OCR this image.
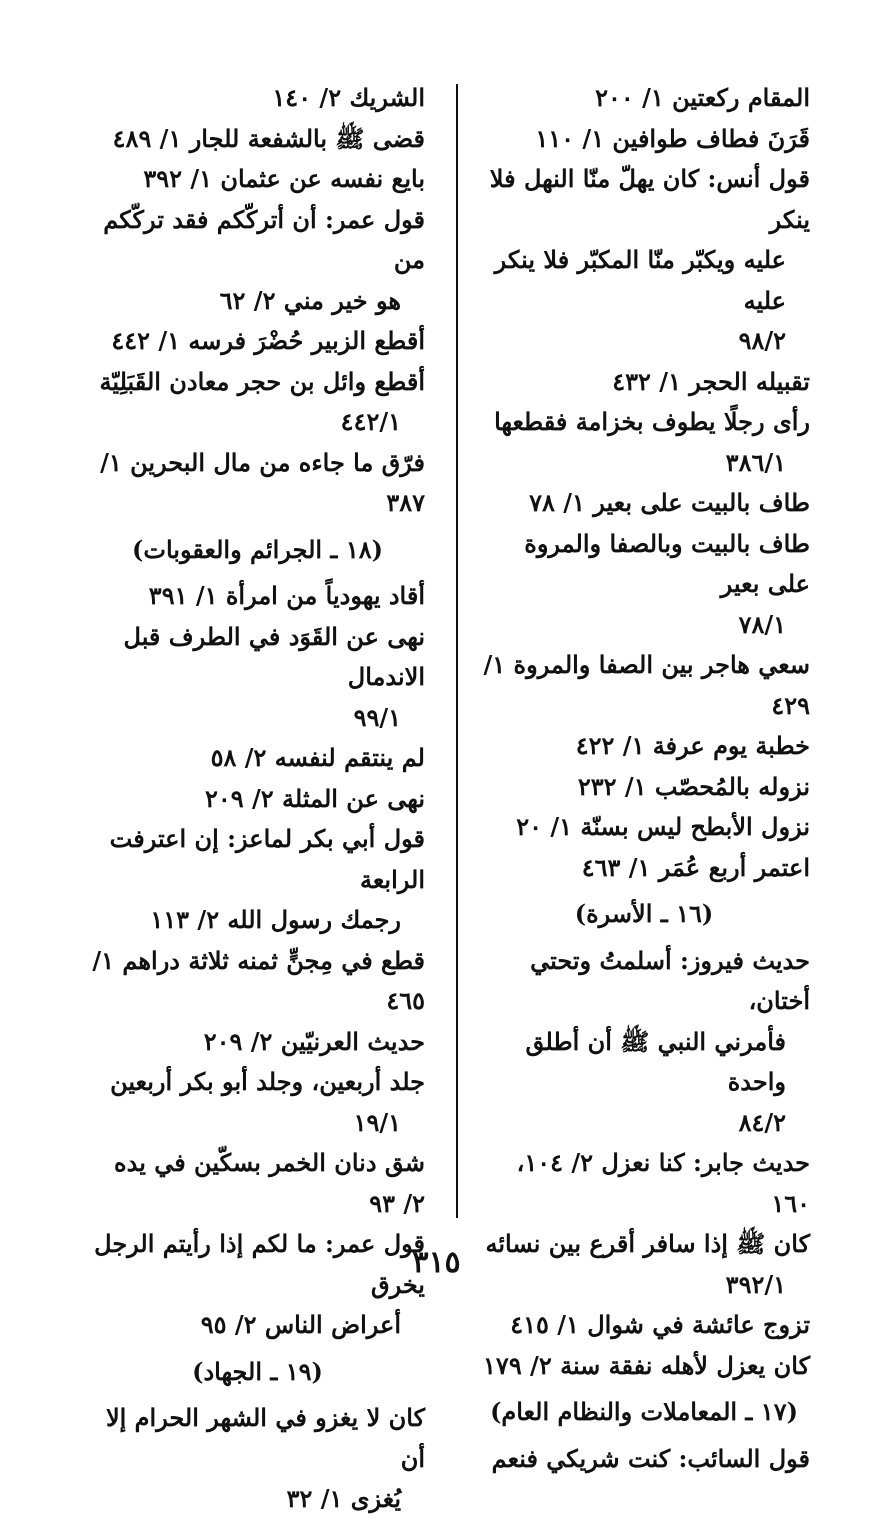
المقام ركعتين ١/ ٢٠٠
قَرَنَ فطاف طوافين ١/ ١١٠
قول أنس: كان يهلّ منّا النهل فلا ينكر
عليه ويكبّر منّا المكبّر فلا ينكر عليه
٩٨/٢
تقبيله الحجر ١/ ٤٣٢
رأى رجلًا يطوف بخزامة فقطعها
٣٨٦/١
طاف بالبيت على بعير ١/ ٧٨
طاف بالبيت وبالصفا والمروة على بعير
٧٨/١
سعي هاجر بين الصفا والمروة ١/ ٤٢٩
خطبة يوم عرفة ١/ ٤٢٢
نزوله بالمُحصّب ١/ ٢٣٢
نزول الأبطح ليس بسنّة ١/ ٢٠
اعتمر أربع عُمَر ١/ ٤٦٣
(١٦ ـ الأسرة)
حديث فيروز: أسلمتُ وتحتي أختان،
فأمرني النبي ﷺ أن أطلق واحدة
٨٤/٢
حديث جابر: كنا نعزل ٢/ ١٠٤، ١٦٠
كان ﷺ إذا سافر أقرع بين نسائه
٣٩٢/١
تزوج عائشة في شوال ١/ ٤١٥
كان يعزل لأهله نفقة سنة ٢/ ١٧٩
(١٧ ـ المعاملات والنظام العام)
قول السائب: كنت شريكي فنعم
الشريك ٢/ ١٤٠
قضى ﷺ بالشفعة للجار ١/ ٤٨٩
بايع نفسه عن عثمان ١/ ٣٩٢
قول عمر: أن أتركّكم فقد تركّكم من
هو خير مني ٢/ ٦٢
أقطع الزبير حُضْرَ فرسه ١/ ٤٤٢
أقطع وائل بن حجر معادن القَبَلِيّة
٤٤٢/١
فرّق ما جاءه من مال البحرين ١/ ٣٨٧
(١٨ ـ الجرائم والعقوبات)
أقاد يهودياً من امرأة ١/ ٣٩١
نهى عن القَوَد في الطرف قبل الاندمال
٩٩/١
لم ينتقم لنفسه ٢/ ٥٨
نهى عن المثلة ٢/ ٢٠٩
قول أبي بكر لماعز: إن اعترفت الرابعة
رجمك رسول الله ٢/ ١١٣
قطع في مِجنٍّ ثمنه ثلاثة دراهم ١/ ٤٦٥
حديث العرنيّين ٢/ ٢٠٩
جلد أربعين، وجلد أبو بكر أربعين
١٩/١
شق دنان الخمر بسكّين في يده ٢/ ٩٣
قول عمر: ما لكم إذا رأيتم الرجل يخرق
أعراض الناس ٢/ ٩٥
(١٩ ـ الجهاد)
كان لا يغزو في الشهر الحرام إلا أن
يُغزى ١/ ٣٢
٣١٥
